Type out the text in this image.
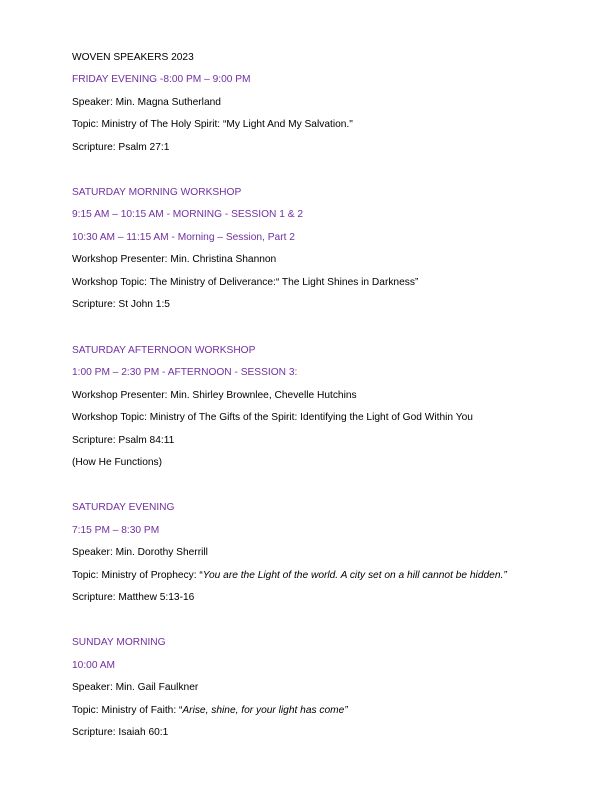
WOVEN SPEAKERS 2023
FRIDAY EVENING -8:00 PM – 9:00 PM
Speaker: Min. Magna Sutherland
Topic: Ministry of The Holy Spirit: “My Light And My Salvation."
Scripture: Psalm 27:1
SATURDAY MORNING WORKSHOP
9:15 AM – 10:15 AM - MORNING - SESSION 1 & 2
10:30 AM – 11:15 AM - Morning – Session, Part 2
Workshop Presenter: Min. Christina Shannon
Workshop Topic: The Ministry of Deliverance:“ The Light Shines in Darkness”
Scripture: St John 1:5
SATURDAY AFTERNOON WORKSHOP
1:00 PM – 2:30 PM - AFTERNOON - SESSION 3:
Workshop Presenter: Min. Shirley Brownlee, Chevelle Hutchins
Workshop Topic: Ministry of The Gifts of the Spirit: Identifying the Light of God Within You
Scripture: Psalm 84:11
(How He Functions)
SATURDAY EVENING
7:15 PM – 8:30 PM
Speaker: Min. Dorothy Sherrill
Topic: Ministry of Prophecy: “You are the Light of the world. A city set on a hill cannot be hidden.”
Scripture: Matthew 5:13-16
SUNDAY MORNING
10:00 AM
Speaker: Min. Gail Faulkner
Topic: Ministry of Faith: “Arise, shine, for your light has come”
Scripture: Isaiah 60:1
